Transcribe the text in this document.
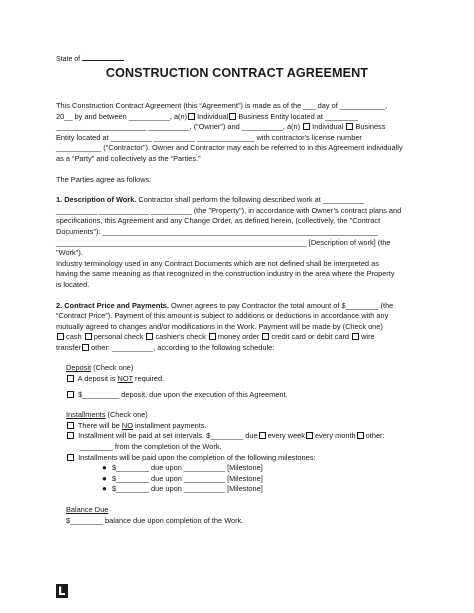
State of
CONSTRUCTION CONTRACT AGREEMENT

This Construction Contract Agreement (this “Agreement”) is made as of the ___ day of ___________,

20__ by and between __________, a(n) Individual Business Entity located at ________

______________________ __________, (“Owner”) and __________, a(n) Individual Business

Entity located at __________ __________ ______________ with contractor's license number

___________ ("Contractor"). Owner and Contractor may each be referred to in this Agreement individually

as a “Party” and collectively as the “Parties.”

The Parties agree as follows:

1. Description of Work. Contractor shall perform the following described work at __________

__________ ____________ __________ (the "Property"), in accordance with Owner’s contract plans and

specifications, this Agreement and any Change Order, as defined herein, (collectively, the "Contract

Documents"): ___________________________________________________________________

_____________________________________________________________ [Description of work] (the "Work").

Industry terminology used in any Contract Documents which are not defined shall be interpreted as

having the same meaning as that recognized in the construction industry in the area where the Property

is located.

2. Contract Price and Payments. Owner agrees to pay Contractor the total amount of $________ (the

“Contract Price”). Payment of this amount is subject to additions or deductions in accordance with any

mutually agreed to changes and/or modifications in the Work. Payment will be made by (Check one)

cash personal check cashier's check money order credit card or debit card wire

transfer other: __________, according to the following schedule:

Deposit (Check one)

A deposit is NOT required.

$_________ deposit, due upon the execution of this Agreement.

Installments (Check one)

There will be NO installment payments.

Installment will be paid at set intervals. $________ due every week every month other:

________ from the completion of the Work.

Installments will be paid upon the completion of the following milestones:

● $________ due upon __________ [Milestone]

● $________ due upon __________ [Milestone]

● $________ due upon __________ [Milestone]

Balance Due

$________ balance due upon completion of the Work.
